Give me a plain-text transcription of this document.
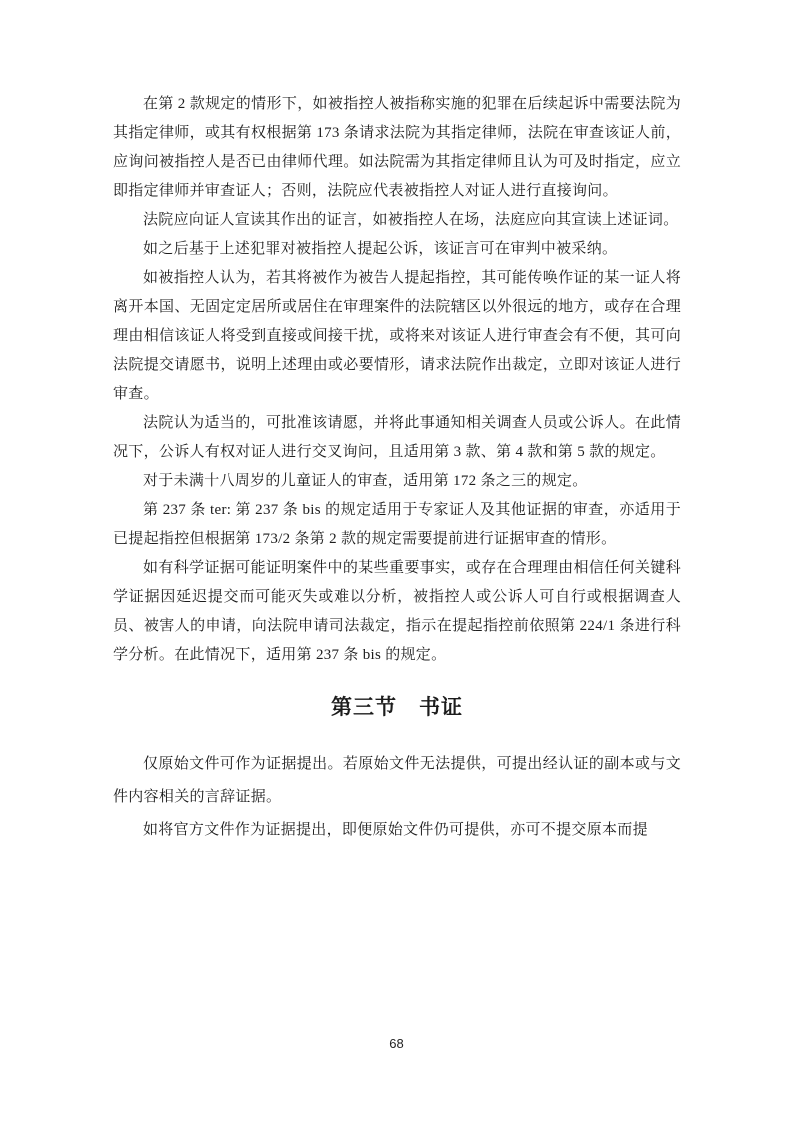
在第 2 款规定的情形下，如被指控人被指称实施的犯罪在后续起诉中需要法院为其指定律师，或其有权根据第 173 条请求法院为其指定律师，法院在审查该证人前，应询问被指控人是否已由律师代理。如法院需为其指定律师且认为可及时指定，应立即指定律师并审查证人；否则，法院应代表被指控人对证人进行直接询问。

法院应向证人宣读其作出的证言，如被指控人在场，法庭应向其宣读上述证词。

如之后基于上述犯罪对被指控人提起公诉，该证言可在审判中被采纳。

如被指控人认为，若其将被作为被告人提起指控，其可能传唤作证的某一证人将离开本国、无固定定居所或居住在审理案件的法院辖区以外很远的地方，或存在合理理由相信该证人将受到直接或间接干扰，或将来对该证人进行审查会有不便，其可向法院提交请愿书，说明上述理由或必要情形，请求法院作出裁定，立即对该证人进行审查。

法院认为适当的，可批准该请愿，并将此事通知相关调查人员或公诉人。在此情况下，公诉人有权对证人进行交叉询问，且适用第 3 款、第 4 款和第 5 款的规定。

对于未满十八周岁的儿童证人的审查，适用第 172 条之三的规定。

第 237 条 ter: 第 237 条 bis 的规定适用于专家证人及其他证据的审查，亦适用于已提起指控但根据第 173/2 条第 2 款的规定需要提前进行证据审查的情形。

如有科学证据可能证明案件中的某些重要事实，或存在合理理由相信任何关键科学证据因延迟提交而可能灭失或难以分析，被指控人或公诉人可自行或根据调查人员、被害人的申请，向法院申请司法裁定，指示在提起指控前依照第 224/1 条进行科学分析。在此情况下，适用第 237 条 bis 的规定。

第三节　书证

仅原始文件可作为证据提出。若原始文件无法提供，可提出经认证的副本或与文件内容相关的言辞证据。

如将官方文件作为证据提出，即便原始文件仍可提供，亦可不提交原本而提

68
